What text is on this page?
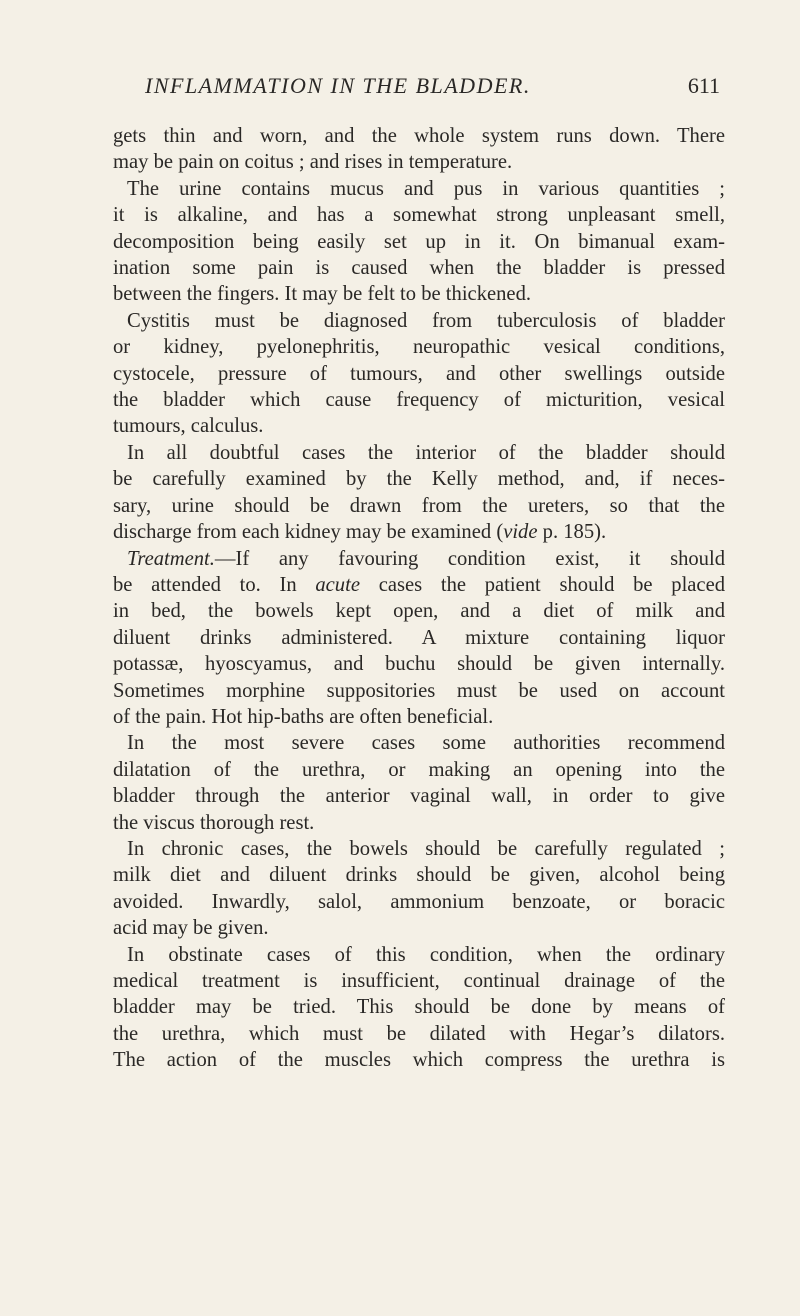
INFLAMMATION IN THE BLADDER.	611
gets thin and worn, and the whole system runs down. There
may be pain on coitus ; and rises in temperature.
The urine contains mucus and pus in various quantities ;
it is alkaline, and has a somewhat strong unpleasant smell,
decomposition being easily set up in it. On bimanual exam-
ination some pain is caused when the bladder is pressed
between the fingers. It may be felt to be thickened.
Cystitis must be diagnosed from tuberculosis of bladder
or kidney, pyelonephritis, neuropathic vesical conditions,
cystocele, pressure of tumours, and other swellings outside
the bladder which cause frequency of micturition, vesical
tumours, calculus.
In all doubtful cases the interior of the bladder should
be carefully examined by the Kelly method, and, if neces-
sary, urine should be drawn from the ureters, so that the
discharge from each kidney may be examined (vide p. 185).
Treatment.—If any favouring condition exist, it should
be attended to. In acute cases the patient should be placed
in bed, the bowels kept open, and a diet of milk and
diluent drinks administered. A mixture containing liquor
potassæ, hyoscyamus, and buchu should be given internally.
Sometimes morphine suppositories must be used on account
of the pain. Hot hip-baths are often beneficial.
In the most severe cases some authorities recommend
dilatation of the urethra, or making an opening into the
bladder through the anterior vaginal wall, in order to give
the viscus thorough rest.
In chronic cases, the bowels should be carefully regulated ;
milk diet and diluent drinks should be given, alcohol being
avoided. Inwardly, salol, ammonium benzoate, or boracic
acid may be given.
In obstinate cases of this condition, when the ordinary
medical treatment is insufficient, continual drainage of the
bladder may be tried. This should be done by means of
the urethra, which must be dilated with Hegar’s dilators.
The action of the muscles which compress the urethra is
